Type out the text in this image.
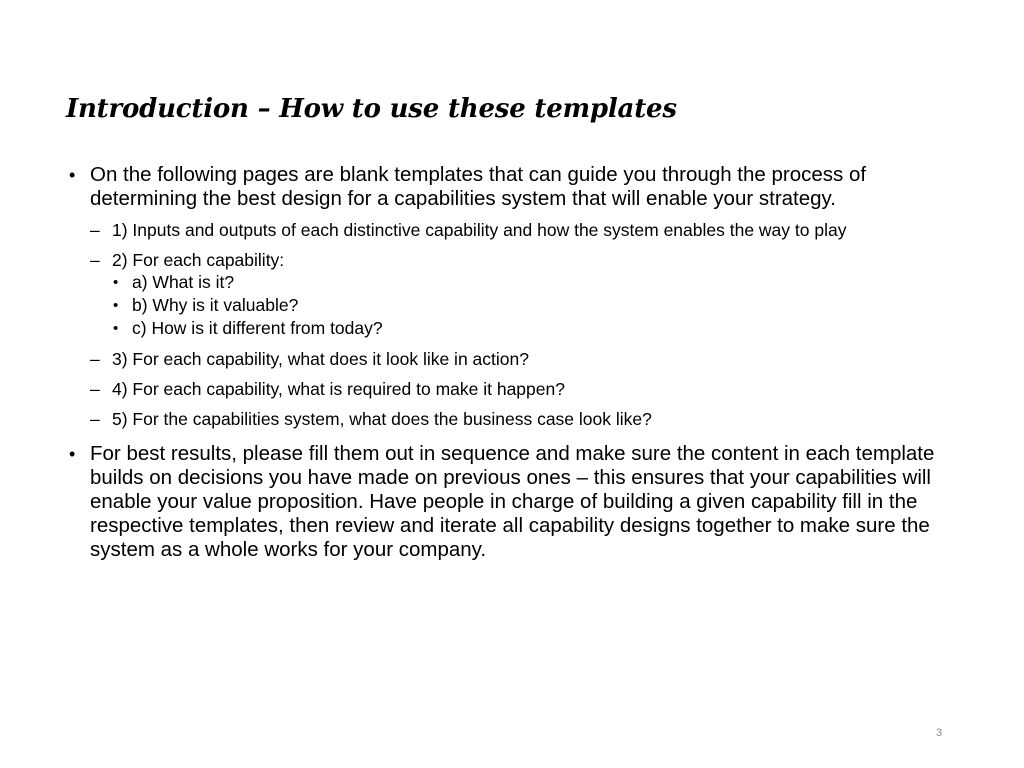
Introduction – How to use these templates
• On the following pages are blank templates that can guide you through the process of determining the best design for a capabilities system that will enable your strategy.
– 1) Inputs and outputs of each distinctive capability and how the system enables the way to play
– 2) For each capability:
• a) What is it?
• b) Why is it valuable?
• c) How is it different from today?
– 3) For each capability, what does it look like in action?
– 4) For each capability, what is required to make it happen?
– 5) For the capabilities system, what does the business case look like?
• For best results, please fill them out in sequence and make sure the content in each template builds on decisions you have made on previous ones – this ensures that your capabilities will enable your value proposition. Have people in charge of building a given capability fill in the respective templates, then review and iterate all capability designs together to make sure the system as a whole works for your company.
3
